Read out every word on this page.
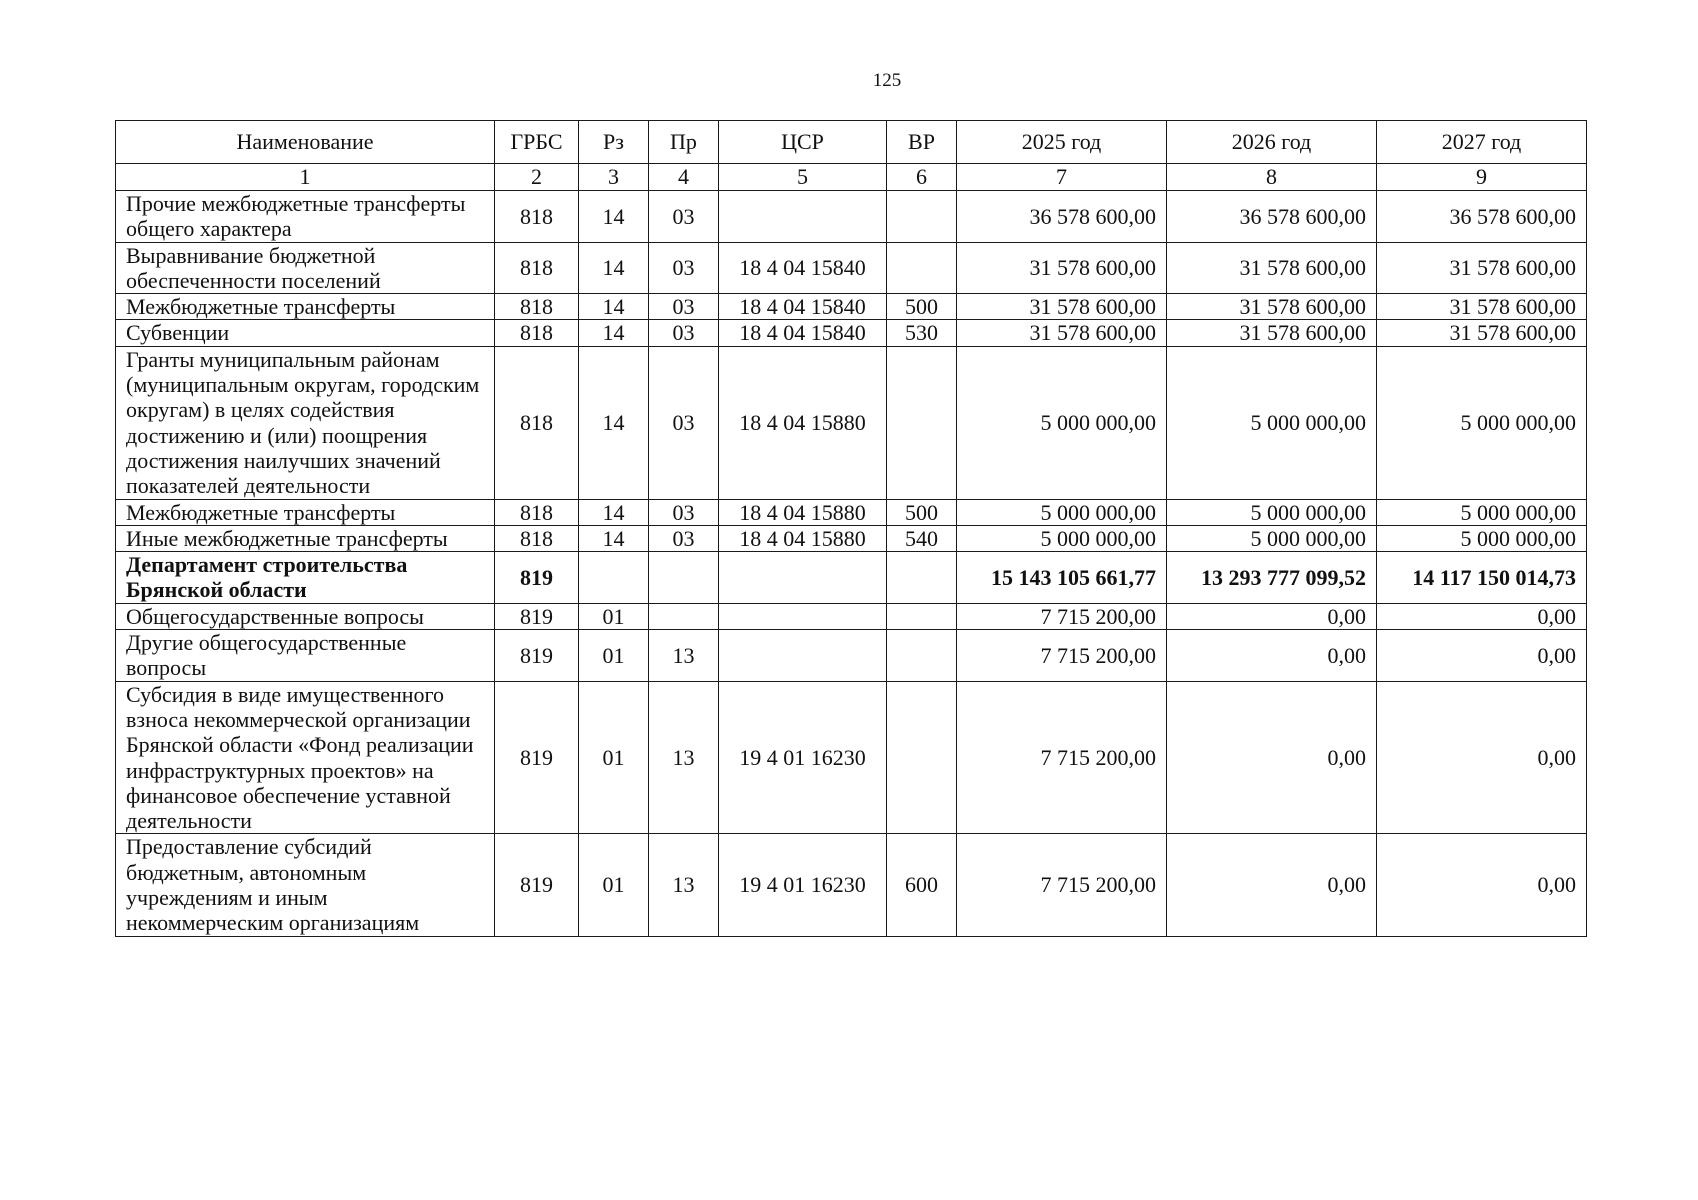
125
Наименование	ГРБС	Рз	Пр	ЦСР	ВР	2025 год	2026 год	2027 год
1	2	3	4	5	6	7	8	9
Прочие межбюджетные трансферты общего характера	818	14	03			36 578 600,00	36 578 600,00	36 578 600,00
Выравнивание бюджетной обеспеченности поселений	818	14	03	18 4 04 15840		31 578 600,00	31 578 600,00	31 578 600,00
Межбюджетные трансферты	818	14	03	18 4 04 15840	500	31 578 600,00	31 578 600,00	31 578 600,00
Субвенции	818	14	03	18 4 04 15840	530	31 578 600,00	31 578 600,00	31 578 600,00
Гранты муниципальным районам (муниципальным округам, городским округам) в целях содействия достижению и (или) поощрения достижения наилучших значений показателей деятельности	818	14	03	18 4 04 15880		5 000 000,00	5 000 000,00	5 000 000,00
Межбюджетные трансферты	818	14	03	18 4 04 15880	500	5 000 000,00	5 000 000,00	5 000 000,00
Иные межбюджетные трансферты	818	14	03	18 4 04 15880	540	5 000 000,00	5 000 000,00	5 000 000,00
Департамент строительства Брянской области	819					15 143 105 661,77	13 293 777 099,52	14 117 150 014,73
Общегосударственные вопросы	819	01				7 715 200,00	0,00	0,00
Другие общегосударственные вопросы	819	01	13			7 715 200,00	0,00	0,00
Субсидия в виде имущественного взноса некоммерческой организации Брянской области «Фонд реализации инфраструктурных проектов» на финансовое обеспечение уставной деятельности	819	01	13	19 4 01 16230		7 715 200,00	0,00	0,00
Предоставление субсидий бюджетным, автономным учреждениям и иным некоммерческим организациям	819	01	13	19 4 01 16230	600	7 715 200,00	0,00	0,00
